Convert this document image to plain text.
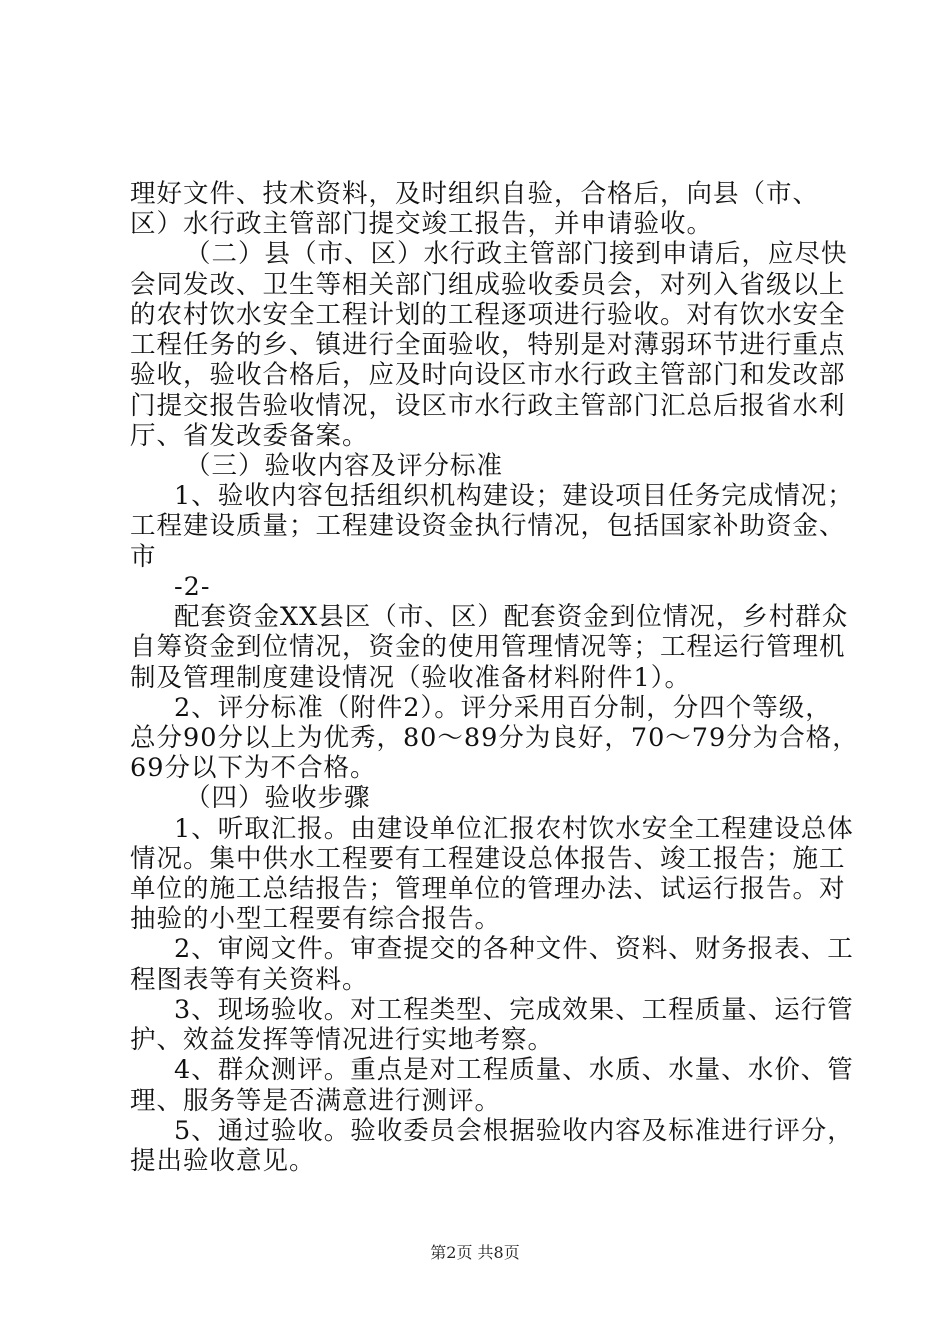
理好文件、技术资料，及时组织自验，合格后，向县（市、
区）水行政主管部门提交竣工报告，并申请验收。
（二）县（市、区）水行政主管部门接到申请后，应尽快
会同发改、卫生等相关部门组成验收委员会，对列入省级以上
的农村饮水安全工程计划的工程逐项进行验收。对有饮水安全
工程任务的乡、镇进行全面验收，特别是对薄弱环节进行重点
验收，验收合格后，应及时向设区市水行政主管部门和发改部
门提交报告验收情况，设区市水行政主管部门汇总后报省水利
厅、省发改委备案。
（三）验收内容及评分标准
1、验收内容包括组织机构建设；建设项目任务完成情况；
工程建设质量；工程建设资金执行情况，包括国家补助资金、
市
-2-
配套资金XX县区（市、区）配套资金到位情况，乡村群众
自筹资金到位情况，资金的使用管理情况等；工程运行管理机
制及管理制度建设情况（验收准备材料附件1）。
2、评分标准（附件2）。评分采用百分制，分四个等级，
总分90分以上为优秀，80～89分为良好，70～79分为合格，
69分以下为不合格。
（四）验收步骤
1、听取汇报。由建设单位汇报农村饮水安全工程建设总体
情况。集中供水工程要有工程建设总体报告、竣工报告；施工
单位的施工总结报告；管理单位的管理办法、试运行报告。对
抽验的小型工程要有综合报告。
2、审阅文件。审查提交的各种文件、资料、财务报表、工
程图表等有关资料。
3、现场验收。对工程类型、完成效果、工程质量、运行管
护、效益发挥等情况进行实地考察。
4、群众测评。重点是对工程质量、水质、水量、水价、管
理、服务等是否满意进行测评。
5、通过验收。验收委员会根据验收内容及标准进行评分，
提出验收意见。
第2页 共8页
